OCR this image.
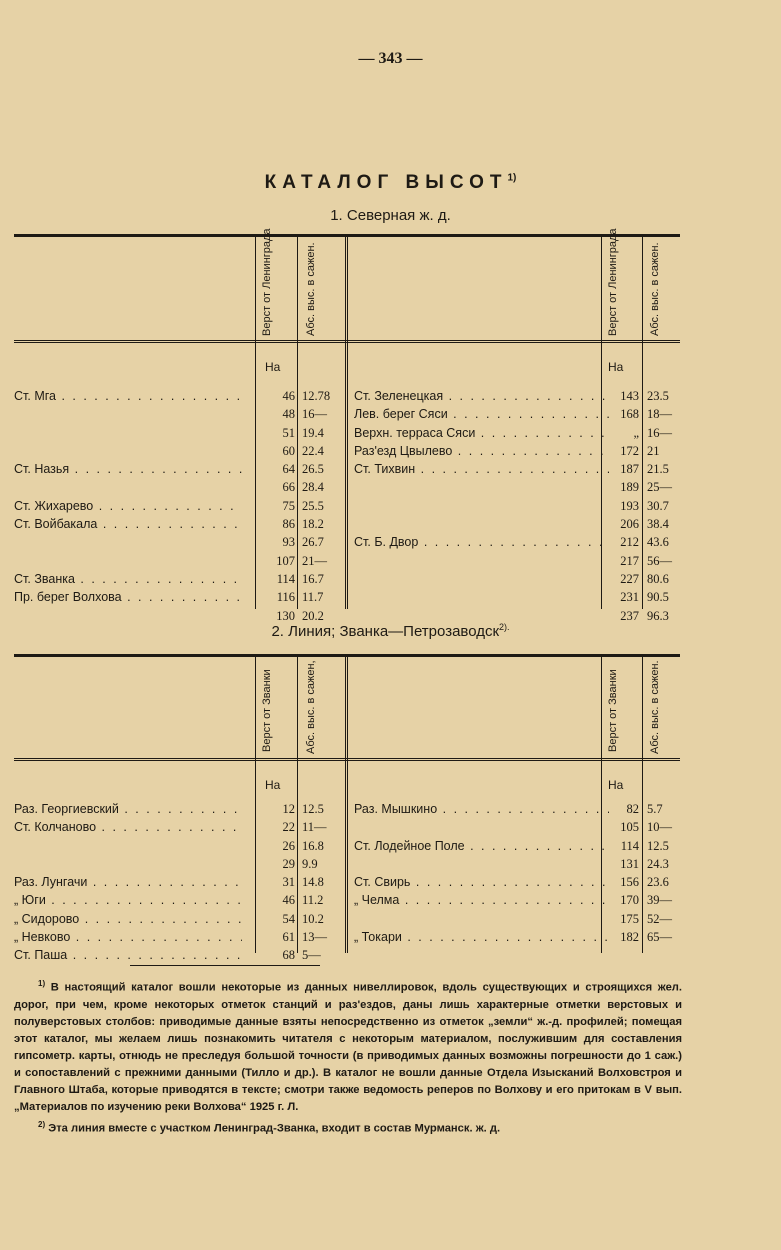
— 343 —
КАТАЛОГ ВЫСОТ$^{1)}$
1. Северная ж. д.
Верст от Ленинграда	Абс. выс. в сажен.	Верст от Ленинграда	Абс. выс. в сажен.
На	На
Ст. Мга . . .	46 12.78	Ст. Зеленецкая . . .	143 23.5
48 16—	Лев. берег Сяси . . .	168 18—
51 19.4	Верхн. терраса Сяси . . .	„ 16—
60 22.4	Раз'езд Цвылево . . .	172 21
Ст. Назья . . .	64 26.5	Ст. Тихвин . . .	187 21.5
66 28.4	189 25—
Ст. Жихарево . . .	75 25.5	193 30.7
Ст. Войбакала . . .	86 18.2	206 38.4
93 26.7	Ст. Б. Двор . . .	212 43.6
107 21—	217 56—
Ст. Званка . . .	114 16.7	227 80.6
Пр. берег Волхова . . .	116 11.7	231 90.5
130 20.2	237 96.3
2. Линия; Званка—Петрозаводск$^{2).}$
Верст от Званки	Абс. выс. в сажен,	Верст от Званки	Абс. выс. в сажен.
На	На
Раз. Георгиевский . . .	12 12.5	Раз. Мышкино . . .	82 5.7
Ст. Колчаново . . .	22 11—	105 10—
26 16.8	Ст. Лодейное Поле . . .	114 12.5
29 9.9	131 24.3
Раз. Лунгачи . . .	31 14.8	Ст. Свирь . . .	156 23.6
„ Юги . . .	46 11.2	„ Челма . . .	170 39—
„ Сидорово . . .	54 10.2	175 52—
„ Невково . . .	61 13—	„ Токари . . .	182 65—
Ст. Паша . . .	68 5—

$^{1)}$ В настоящий каталог вошли некоторые из данных нивеллировок, вдоль существующих и строящихся жел. дорог, при чем, кроме некоторых отметок станций и раз'ездов, даны лишь характерные отметки верстовых и полуверстовых столбов: приводимые данные взяты непосредственно из отметок „земли“ ж.-д. профилей; помещая этот каталог, мы желаем лишь познакомить читателя с некоторым материалом, послужившим для составления гипсометр. карты, отнюдь не преследуя большой точности (в приводимых данных возможны погрешности до 1 саж.) и сопоставлений с прежними данными (Тилло и др.). В каталог не вошли данные Отдела Изысканий Волховстроя и Главного Штаба, которые приводятся в тексте; смотри также ведомость реперов по Волхову и его притокам в V вып. „Материалов по изучению реки Волхова“ 1925 г. Л.

$^{2)}$ Эта линия вместе с участком Ленинград-Званка, входит в состав Мурманск. ж. д.
